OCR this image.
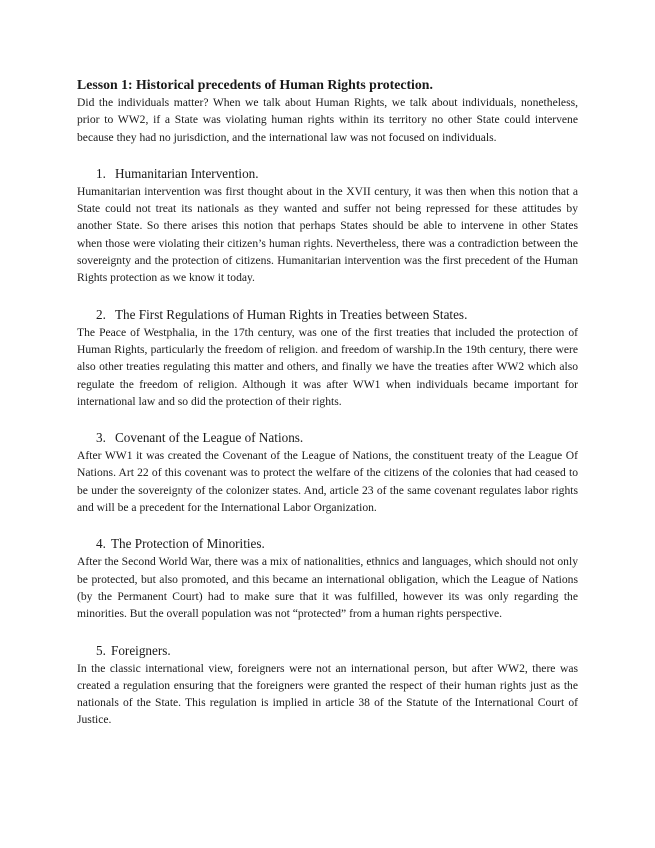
Lesson 1: Historical precedents of Human Rights protection.

Did the individuals matter? When we talk about Human Rights, we talk about individuals, nonetheless, prior to WW2, if a State was violating human rights within its territory no other State could intervene because they had no jurisdiction, and the international law was not focused on individuals.

1. Humanitarian Intervention.

Humanitarian intervention was first thought about in the XVII century, it was then when this notion that a State could not treat its nationals as they wanted and suffer not being repressed for these attitudes by another State. So there arises this notion that perhaps States should be able to intervene in other States when those were violating their citizen’s human rights. Nevertheless, there was a contradiction between the sovereignty and the protection of citizens. Humanitarian intervention was the first precedent of the Human Rights protection as we know it today.

2. The First Regulations of Human Rights in Treaties between States.

The Peace of Westphalia, in the 17th century, was one of the first treaties that included the protection of Human Rights, particularly the freedom of religion. and freedom of warship.In the 19th century, there were also other treaties regulating this matter and others, and finally we have the treaties after WW2 which also regulate the freedom of religion. Although it was after WW1 when individuals became important for international law and so did the protection of their rights.

3. Covenant of the League of Nations.

After WW1 it was created the Covenant of the League of Nations, the constituent treaty of the League Of Nations. Art 22 of this covenant was to protect the welfare of the citizens of the colonies that had ceased to be under the sovereignty of the colonizer states. And, article 23 of the same covenant regulates labor rights and will be a precedent for the International Labor Organization.

4. The Protection of Minorities.

After the Second World War, there was a mix of nationalities, ethnics and languages, which should not only be protected, but also promoted, and this became an international obligation, which the League of Nations (by the Permanent Court) had to make sure that it was fulfilled, however its was only regarding the minorities. But the overall population was not “protected” from a human rights perspective.

5. Foreigners.

In the classic international view, foreigners were not an international person, but after WW2, there was created a regulation ensuring that the foreigners were granted the respect of their human rights just as the nationals of the State. This regulation is implied in article 38 of the Statute of the International Court of Justice.
